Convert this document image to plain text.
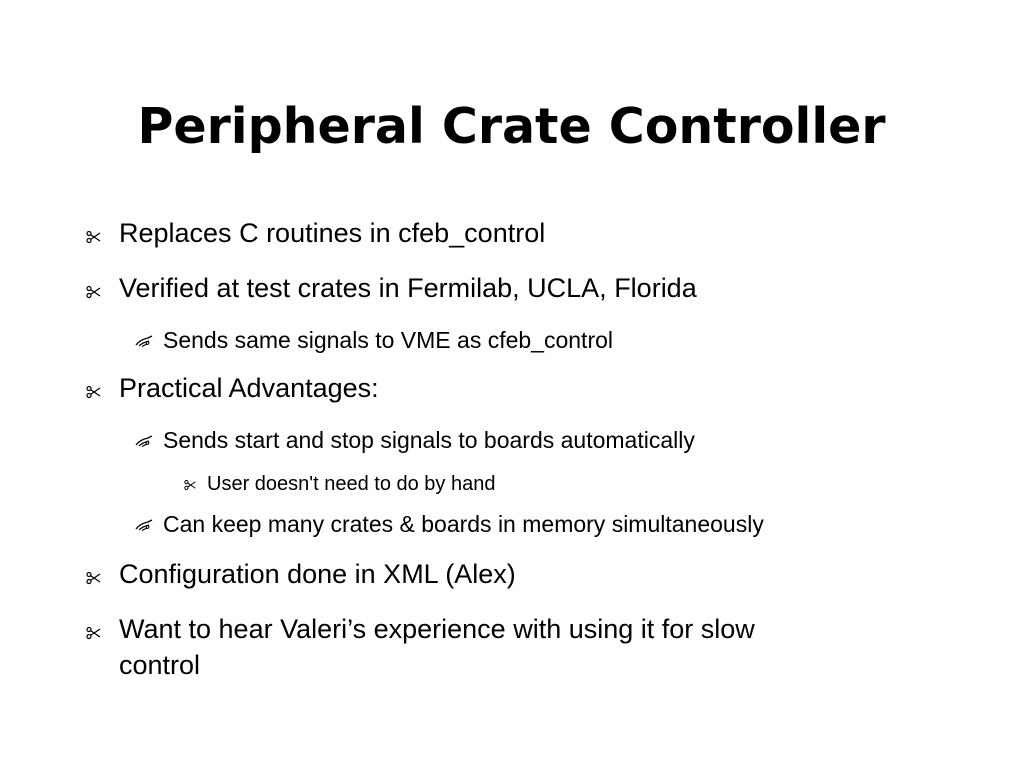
Peripheral Crate Controller
Replaces C routines in cfeb_control
Verified at test crates in Fermilab, UCLA, Florida
Sends same signals to VME as cfeb_control
Practical Advantages:
Sends start and stop signals to boards automatically
User doesn't need to do by hand
Can keep many crates & boards in memory simultaneously
Configuration done in XML (Alex)
Want to hear Valeri’s experience with using it for slow
control
